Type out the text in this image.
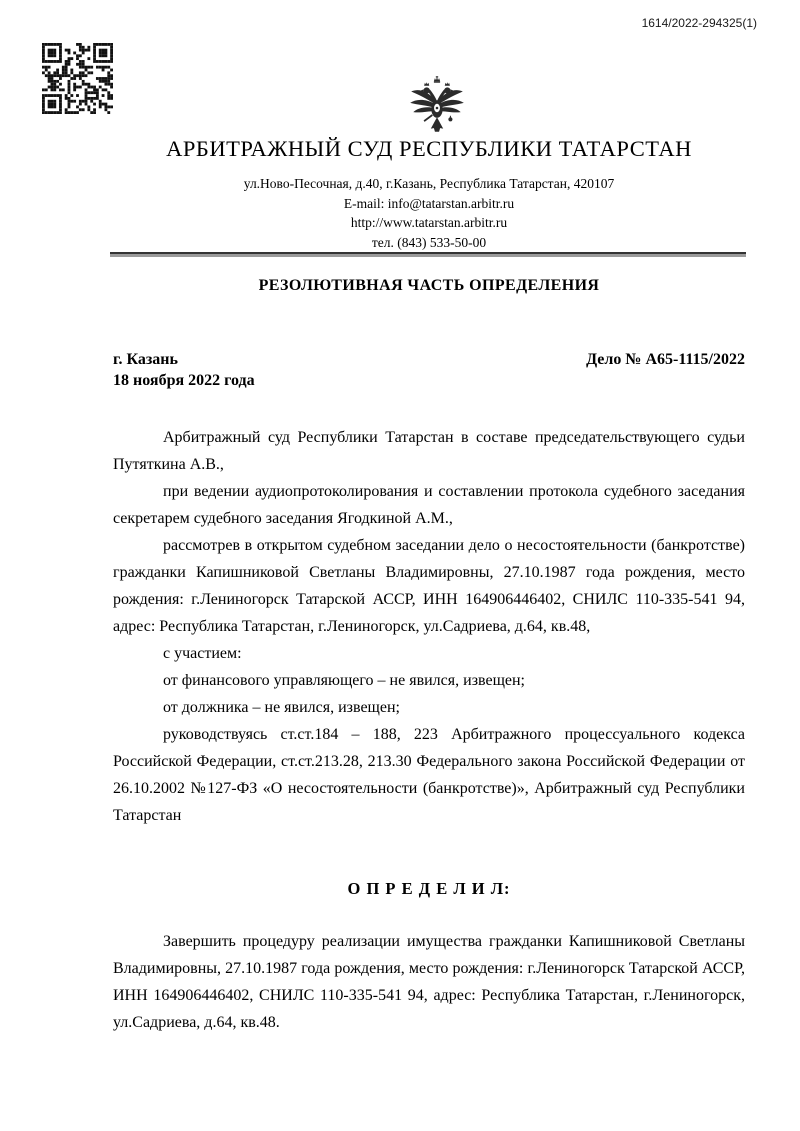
1614/2022-294325(1)
АРБИТРАЖНЫЙ СУД РЕСПУБЛИКИ ТАТАРСТАН
ул.Ново-Песочная, д.40, г.Казань, Республика Татарстан, 420107
E-mail: info@tatarstan.arbitr.ru
http://www.tatarstan.arbitr.ru
тел. (843) 533-50-00
РЕЗОЛЮТИВНАЯ ЧАСТЬ ОПРЕДЕЛЕНИЯ
г. Казань
18 ноября 2022 года
Дело № А65-1115/2022

Арбитражный суд Республики Татарстан в составе председательствующего судьи Путяткина А.В.,

при ведении аудиопротоколирования и составлении протокола судебного заседания секретарем судебного заседания Ягодкиной А.М.,

рассмотрев в открытом судебном заседании дело о несостоятельности (банкротстве) гражданки Капишниковой Светланы Владимировны, 27.10.1987 года рождения, место рождения: г.Лениногорск Татарской АССР, ИНН 164906446402, СНИЛС 110-335-541 94, адрес: Республика Татарстан, г.Лениногорск, ул.Садриева, д.64, кв.48,

с участием:

от финансового управляющего – не явился, извещен;

от должника – не явился, извещен;

руководствуясь ст.ст.184 – 188, 223 Арбитражного процессуального кодекса Российской Федерации, ст.ст.213.28, 213.30 Федерального закона Российской Федерации от 26.10.2002 №127-ФЗ «О несостоятельности (банкротстве)», Арбитражный суд Республики Татарстан

О П Р Е Д Е Л И Л:

Завершить процедуру реализации имущества гражданки Капишниковой Светланы Владимировны, 27.10.1987 года рождения, место рождения: г.Лениногорск Татарской АССР, ИНН 164906446402, СНИЛС 110-335-541 94, адрес: Республика Татарстан, г.Лениногорск, ул.Садриева, д.64, кв.48.
